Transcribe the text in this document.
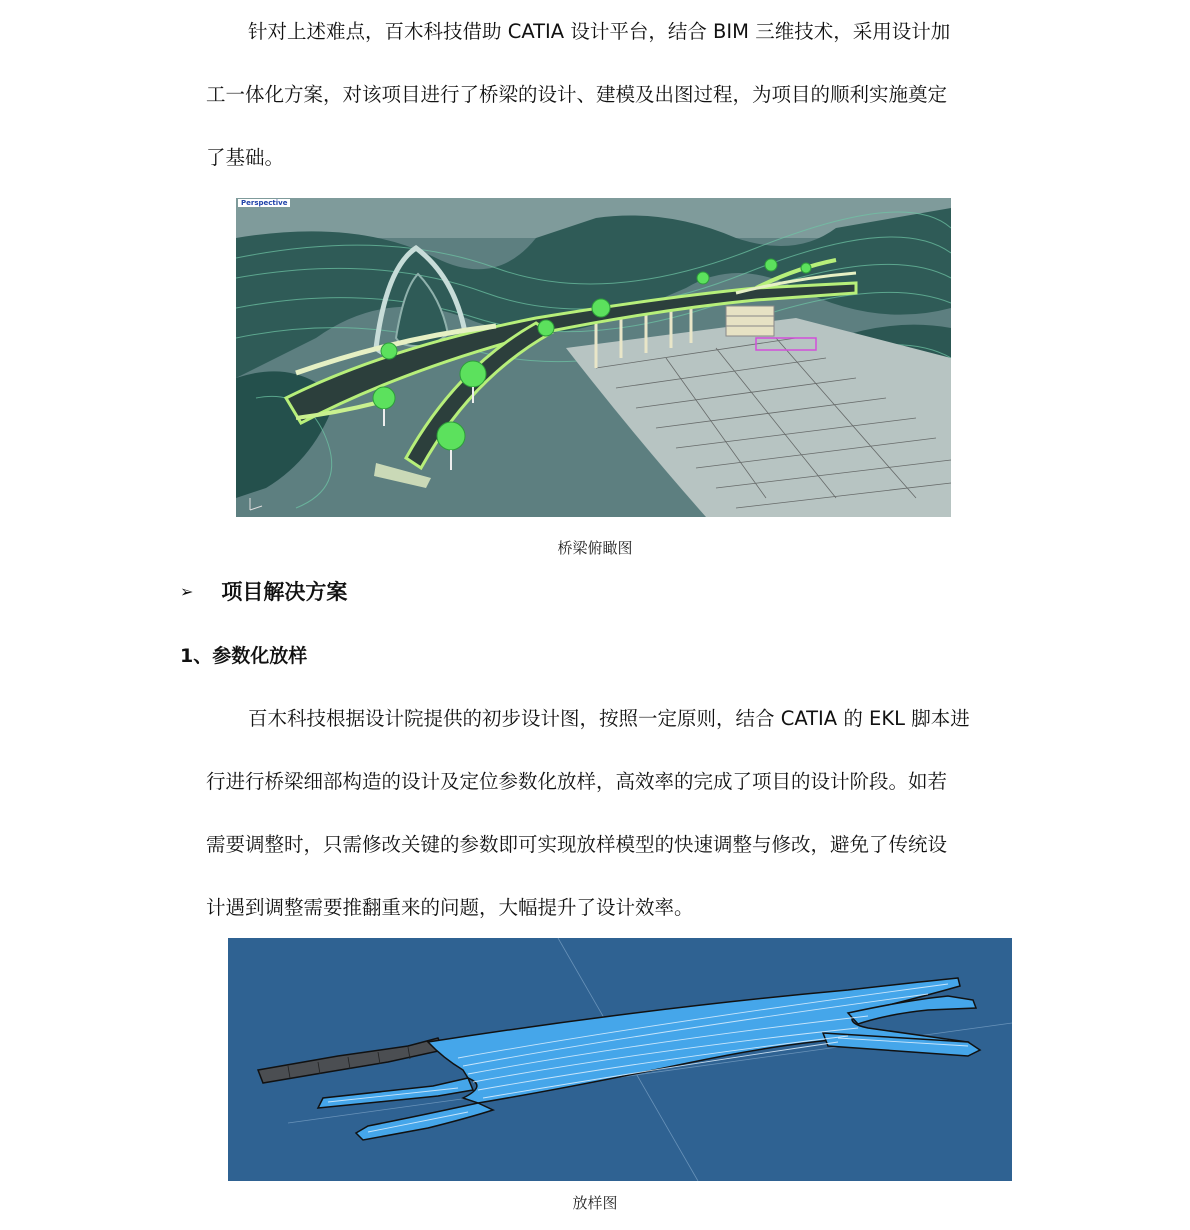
针对上述难点，百木科技借助 CATIA 设计平台，结合 BIM 三维技术，采用设计加
工一体化方案，对该项目进行了桥梁的设计、建模及出图过程，为项目的顺利实施奠定
了基础。

Perspective
桥梁俯瞰图
➢ 项目解决方案
1、参数化放样

百木科技根据设计院提供的初步设计图，按照一定原则，结合 CATIA 的 EKL 脚本进
行进行桥梁细部构造的设计及定位参数化放样，高效率的完成了项目的设计阶段。如若
需要调整时，只需修改关键的参数即可实现放样模型的快速调整与修改，避免了传统设
计遇到调整需要推翻重来的问题，大幅提升了设计效率。

放样图
